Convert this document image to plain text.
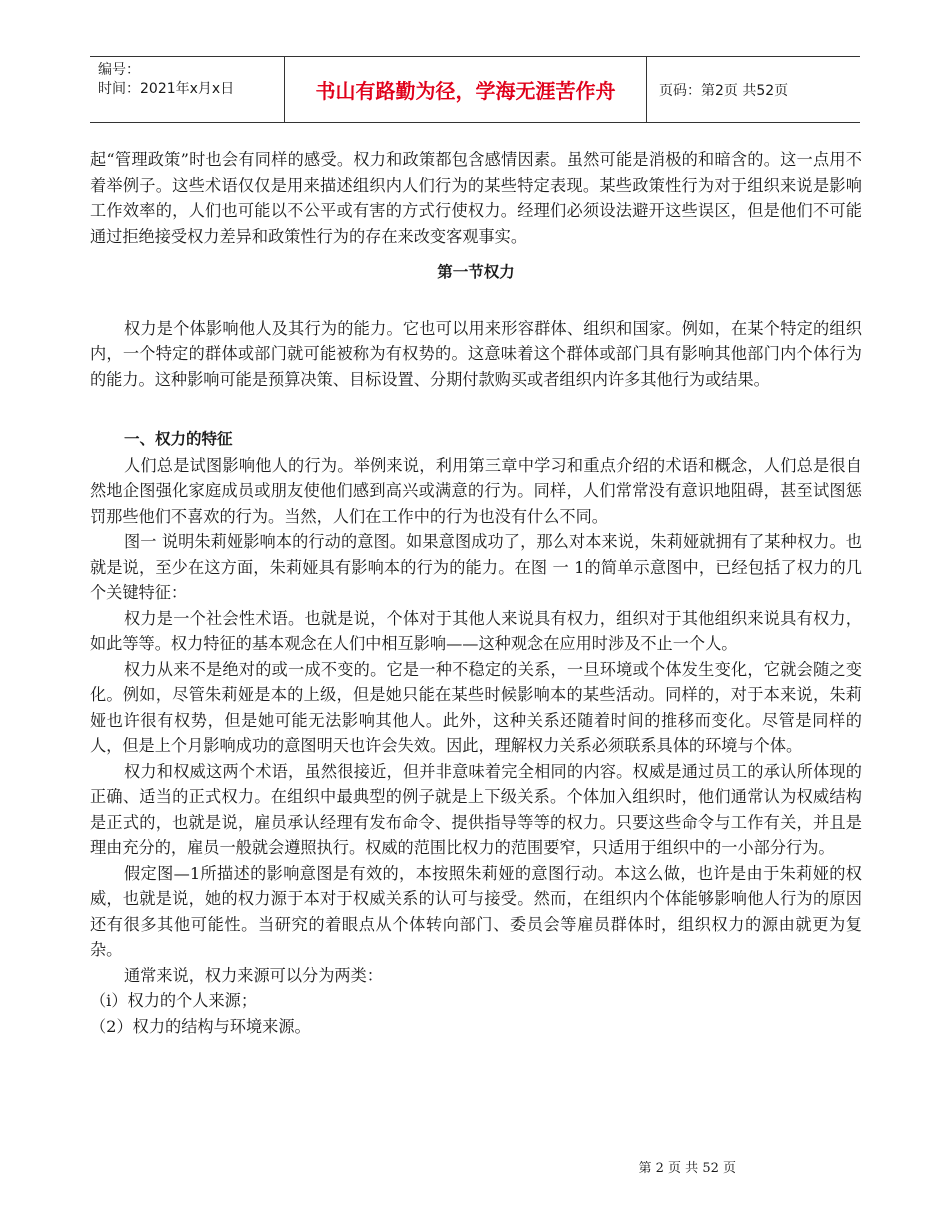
编号：
时间：2021年x月x日	书山有路勤为径，学海无涯苦作舟	页码：第2页 共52页

起“管理政策”时也会有同样的感受。权力和政策都包含感情因素。虽然可能是消极的和暗含的。这一点用不着举例子。这些术语仅仅是用来描述组织内人们行为的某些特定表现。某些政策性行为对于组织来说是影响工作效率的，人们也可能以不公平或有害的方式行使权力。经理们必须设法避开这些误区，但是他们不可能通过拒绝接受权力差异和政策性行为的存在来改变客观事实。

第一节权力

权力是个体影响他人及其行为的能力。它也可以用来形容群体、组织和国家。例如，在某个特定的组织内，一个特定的群体或部门就可能被称为有权势的。这意味着这个群体或部门具有影响其他部门内个体行为的能力。这种影响可能是预算决策、目标设置、分期付款购买或者组织内许多其他行为或结果。

一、权力的特征

人们总是试图影响他人的行为。举例来说，利用第三章中学习和重点介绍的术语和概念，人们总是很自然地企图强化家庭成员或朋友使他们感到高兴或满意的行为。同样，人们常常没有意识地阻碍，甚至试图惩罚那些他们不喜欢的行为。当然，人们在工作中的行为也没有什么不同。

图一 说明朱莉娅影响本的行动的意图。如果意图成功了，那么对本来说，朱莉娅就拥有了某种权力。也就是说，至少在这方面，朱莉娅具有影响本的行为的能力。在图 一 1的简单示意图中，已经包括了权力的几个关键特征：

权力是一个社会性术语。也就是说，个体对于其他人来说具有权力，组织对于其他组织来说具有权力，如此等等。权力特征的基本观念在人们中相互影响——这种观念在应用时涉及不止一个人。

权力从来不是绝对的或一成不变的。它是一种不稳定的关系，一旦环境或个体发生变化，它就会随之变化。例如，尽管朱莉娅是本的上级，但是她只能在某些时候影响本的某些活动。同样的，对于本来说，朱莉娅也许很有权势，但是她可能无法影响其他人。此外，这种关系还随着时间的推移而变化。尽管是同样的人，但是上个月影响成功的意图明天也许会失效。因此，理解权力关系必须联系具体的环境与个体。

权力和权威这两个术语，虽然很接近，但并非意味着完全相同的内容。权威是通过员工的承认所体现的正确、适当的正式权力。在组织中最典型的例子就是上下级关系。个体加入组织时，他们通常认为权威结构是正式的，也就是说，雇员承认经理有发布命令、提供指导等等的权力。只要这些命令与工作有关，并且是理由充分的，雇员一般就会遵照执行。权威的范围比权力的范围要窄，只适用于组织中的一小部分行为。

假定图—1所描述的影响意图是有效的，本按照朱莉娅的意图行动。本这么做，也许是由于朱莉娅的权威，也就是说，她的权力源于本对于权威关系的认可与接受。然而，在组织内个体能够影响他人行为的原因还有很多其他可能性。当研究的着眼点从个体转向部门、委员会等雇员群体时，组织权力的源由就更为复杂。

通常来说，权力来源可以分为两类：

（i）权力的个人来源；

（2）权力的结构与环境来源。

第 2 页 共 52 页
